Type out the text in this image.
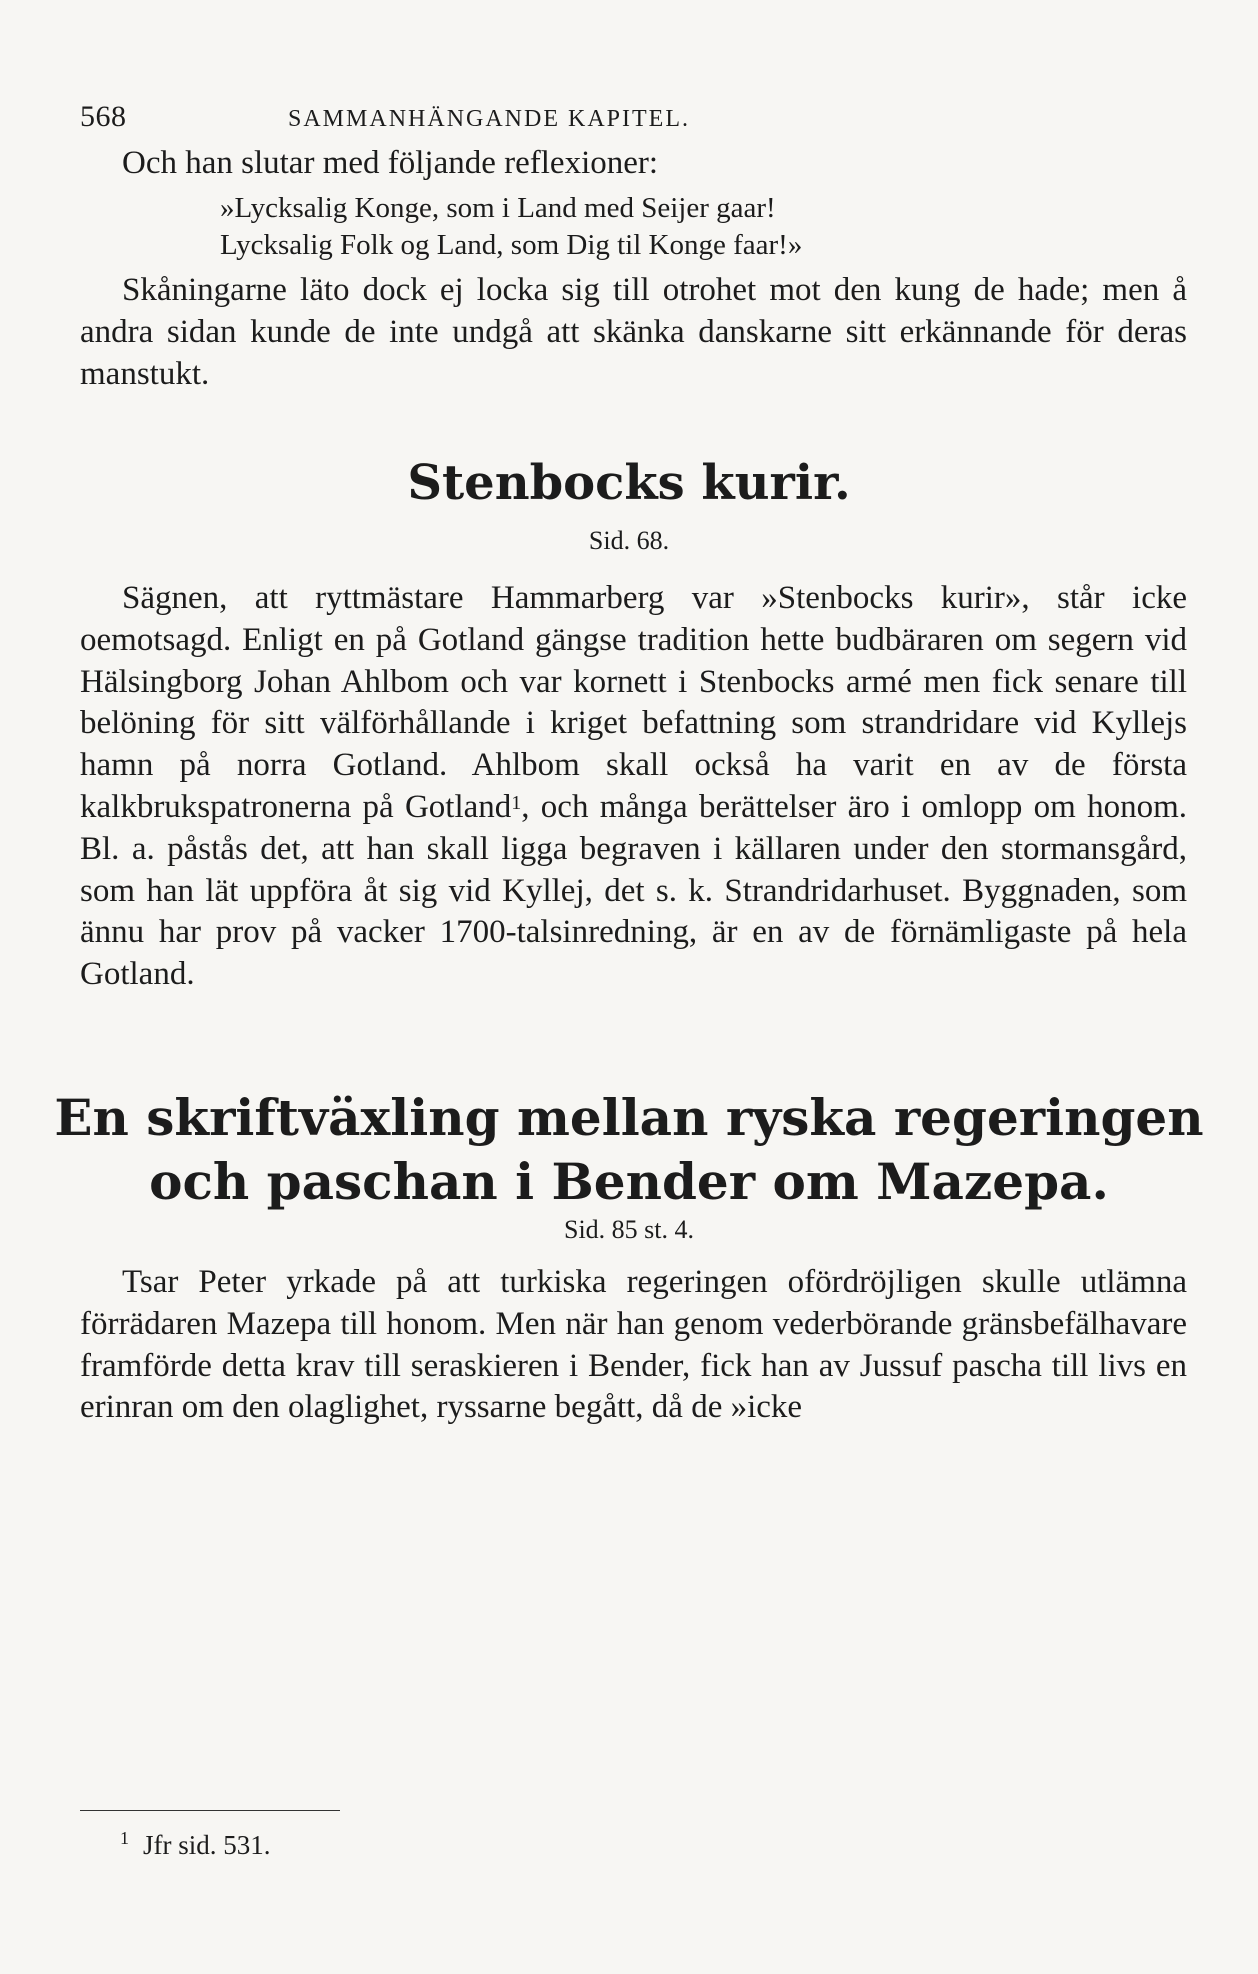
568	SAMMANHÄNGANDE KAPITEL.

Och han slutar med följande reflexioner:

»Lycksalig Konge, som i Land med Seijer gaar!
Lycksalig Folk og Land, som Dig til Konge faar!»

Skåningarne läto dock ej locka sig till otrohet mot den kung de hade; men å andra sidan kunde de inte undgå att skänka danskarne sitt erkännande för deras manstukt.

Stenbocks kurir.
Sid. 68.

Sägnen, att ryttmästare Hammarberg var »Stenbocks kurir», står icke oemotsagd. Enligt en på Gotland gängse tradition hette budbäraren om segern vid Hälsingborg Johan Ahlbom och var kornett i Stenbocks armé men fick senare till belöning för sitt välförhållande i kriget befattning som strandridare vid Kyllejs hamn på norra Gotland. Ahlbom skall också ha varit en av de första kalkbrukspatronerna på Gotland$^1$, och många berättelser äro i omlopp om honom. Bl. a. påstås det, att han skall ligga begraven i källaren under den stormansgård, som han lät uppföra åt sig vid Kyllej, det s. k. Strandridarhuset. Byggnaden, som ännu har prov på vacker 1700-talsinredning, är en av de förnämligaste på hela Gotland.

En skriftväxling mellan ryska regeringen
och paschan i Bender om Mazepa.
Sid. 85 st. 4.

Tsar Peter yrkade på att turkiska regeringen ofördröjligen skulle utlämna förrädaren Mazepa till honom. Men när han genom vederbörande gränsbefälhavare framförde detta krav till seraskieren i Bender, fick han av Jussuf pascha till livs en erinran om den olaglighet, ryssarne begått, då de »icke

$^1$ Jfr sid. 531.
